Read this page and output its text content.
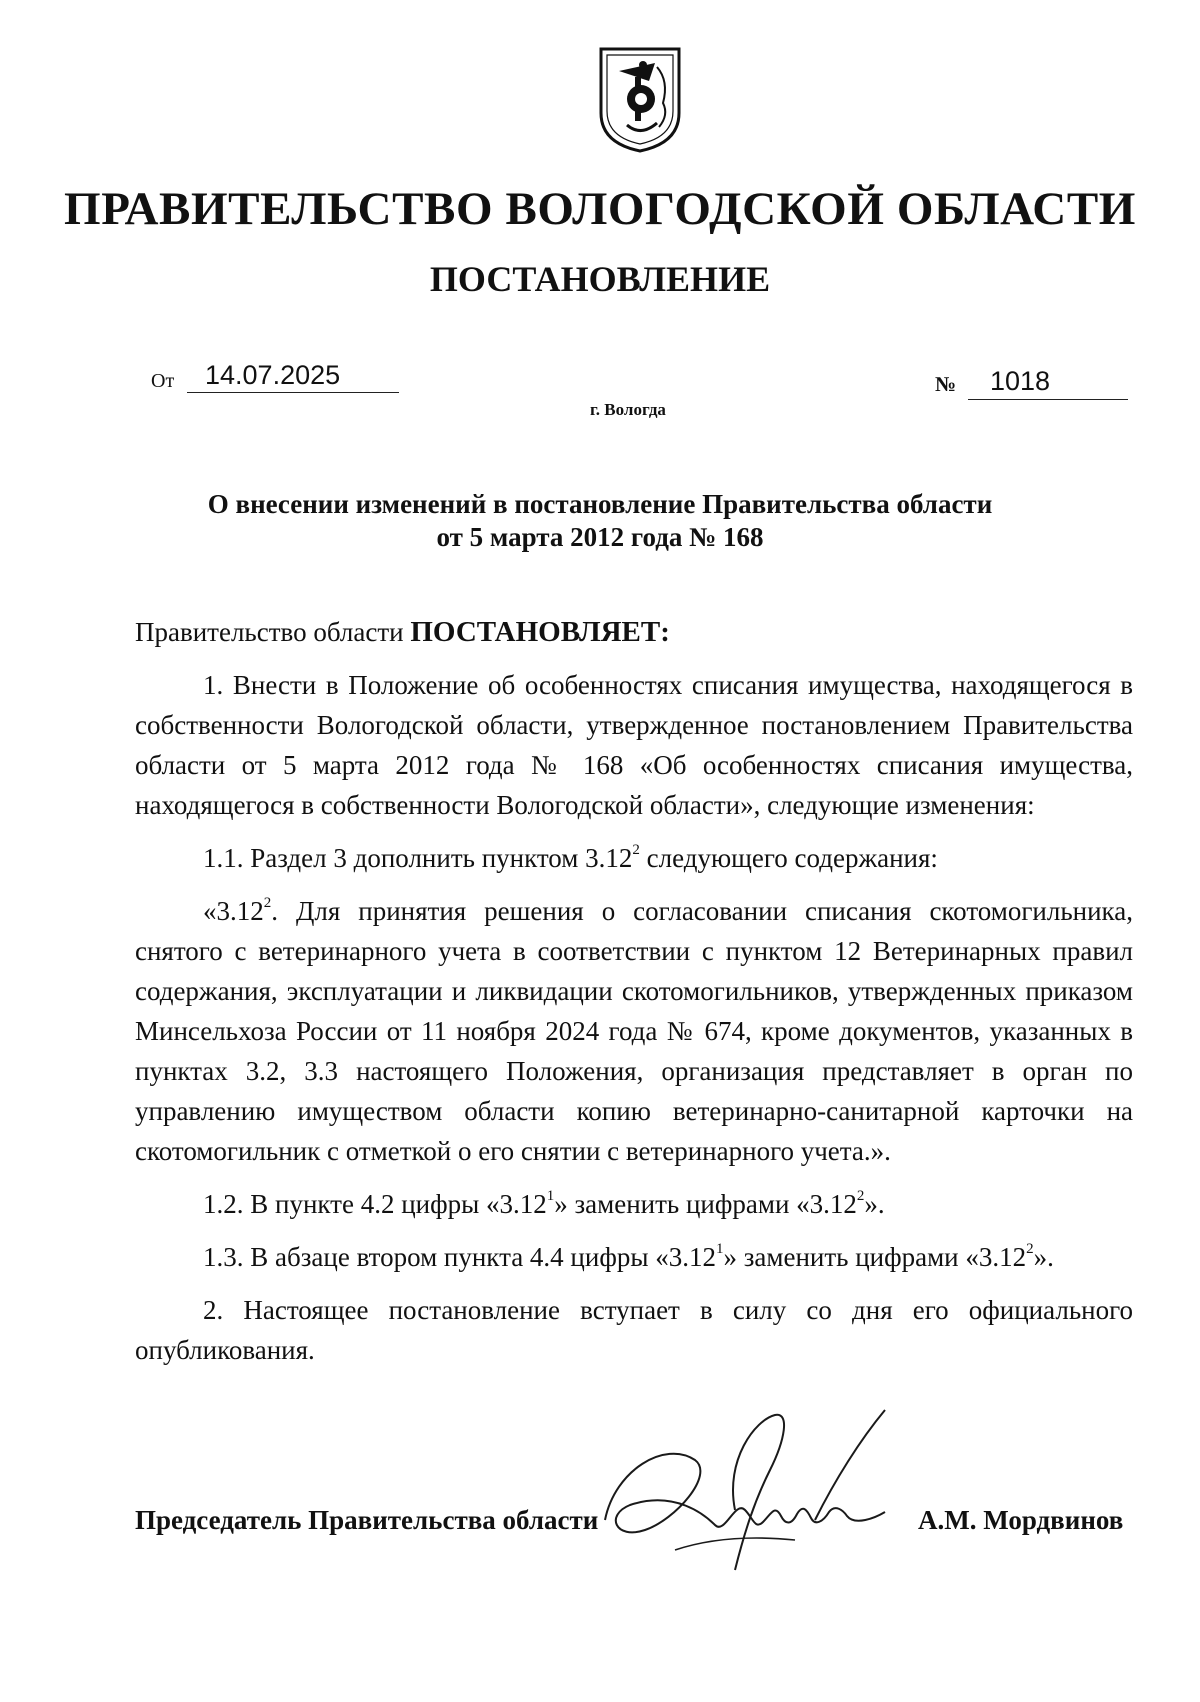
ПРАВИТЕЛЬСТВО ВОЛОГОДСКОЙ ОБЛАСТИ
ПОСТАНОВЛЕНИЕ
От 14.07.2025
г. Вологда
№ 1018
О внесении изменений в постановление Правительства области
от 5 марта 2012 года № 168

Правительство области ПОСТАНОВЛЯЕТ:

1. Внести в Положение об особенностях списания имущества, находящегося в собственности Вологодской области, утвержденное постановлением Правительства области от 5 марта 2012 года № 168 «Об особенностях списания имущества, находящегося в собственности Вологодской области», следующие изменения:

1.1. Раздел 3 дополнить пунктом 3.12$^2$ следующего содержания:

«3.12$^2$. Для принятия решения о согласовании списания скотомогильника, снятого с ветеринарного учета в соответствии с пунктом 12 Ветеринарных правил содержания, эксплуатации и ликвидации скотомогильников, утвержденных приказом Минсельхоза России от 11 ноября 2024 года № 674, кроме документов, указанных в пунктах 3.2, 3.3 настоящего Положения, организация представляет в орган по управлению имуществом области копию ветеринарно-санитарной карточки на скотомогильник с отметкой о его снятии с ветеринарного учета.».

1.2. В пункте 4.2 цифры «3.12$^1$» заменить цифрами «3.12$^2$».

1.3. В абзаце втором пункта 4.4 цифры «3.12$^1$» заменить цифрами «3.12$^2$».

2. Настоящее постановление вступает в силу со дня его официального опубликования.

Председатель Правительства области	А.М. Мордвинов
